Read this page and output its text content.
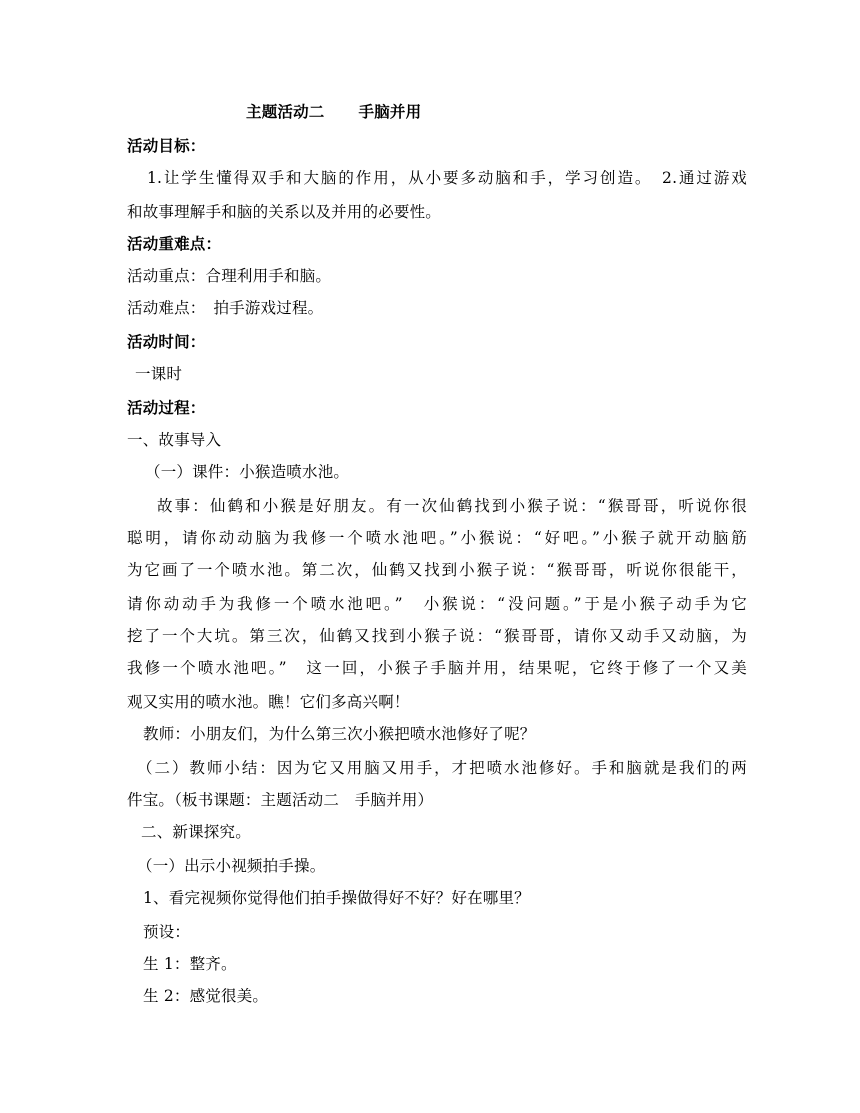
主题活动二 手脑并用
活动目标：
1.让学生懂得双手和大脑的作用，从小要多动脑和手，学习创造。　2.通过游戏
和故事理解手和脑的关系以及并用的必要性。
活动重难点：
活动重点：合理利用手和脑。
活动难点：　拍手游戏过程。
活动时间：
一课时
活动过程：
一、故事导入
（一）课件：小猴造喷水池。
故事：仙鹤和小猴是好朋友。有一次仙鹤找到小猴子说：“猴哥哥，听说你很
聪明，请你动动脑为我修一个喷水池吧。”小猴说：“好吧。”小猴子就开动脑筋
为它画了一个喷水池。第二次，仙鹤又找到小猴子说：“猴哥哥，听说你很能干，
请你动动手为我修一个喷水池吧。”　小猴说：“没问题。”于是小猴子动手为它
挖了一个大坑。第三次，仙鹤又找到小猴子说：“猴哥哥，请你又动手又动脑，为
我修一个喷水池吧。”　这一回，小猴子手脑并用，结果呢，它终于修了一个又美
观又实用的喷水池。瞧！它们多高兴啊！
教师：小朋友们，为什么第三次小猴把喷水池修好了呢？
（二）教师小结：因为它又用脑又用手，才把喷水池修好。手和脑就是我们的两
件宝。（板书课题：主题活动二　手脑并用）
二、新课探究。
（一）出示小视频拍手操。
1、看完视频你觉得他们拍手操做得好不好？好在哪里？
预设：
生 1：整齐。
生 2：感觉很美。
